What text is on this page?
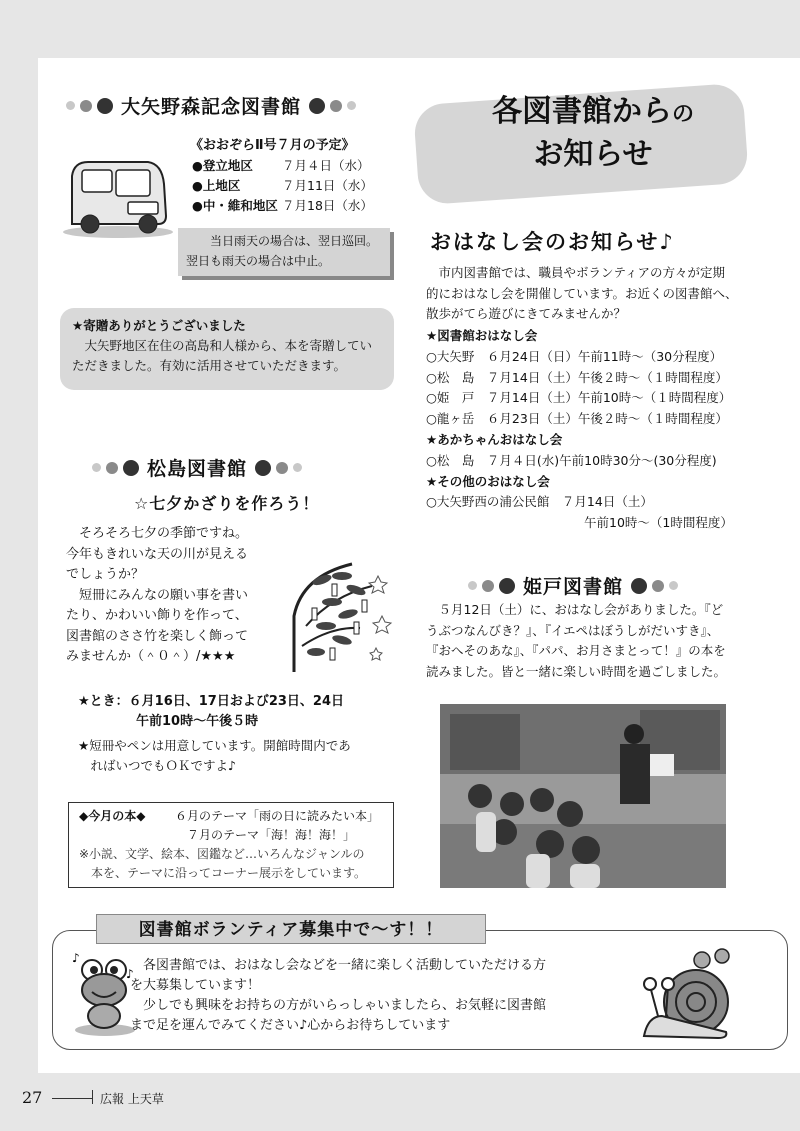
大矢野森記念図書館
《おおぞらⅡ号７月の予定》
●登立地区	７月４日（水）
●上地区	７月11日（水）
●中・維和地区 ７月18日（水）
当日雨天の場合は、翌日巡回。
翌日も雨天の場合は中止。
★寄贈ありがとうございました
大矢野地区在住の高島和人様から、本を寄贈していただきました。有効に活用させていただきます。
松島図書館
☆七夕かざりを作ろう！
そろそろ七夕の季節ですね。
今年もきれいな天の川が見える
でしょうか？
短冊にみんなの願い事を書い
たり、かわいい飾りを作って、
図書館のささ竹を楽しく飾って
みませんか（＾０＾）/★★★
★とき：６月16日、17日および23日、24日
午前10時～午後５時
★短冊やペンは用意しています。開館時間内であ
ればいつでもＯＫですよ♪
◆今月の本◆	６月のテーマ「雨の日に読みたい本」
７月のテーマ「海！海！海！」
※小説、文学、絵本、図鑑など…いろんなジャンルの
本を、テーマに沿ってコーナー展示をしています。
各図書館からの
お知らせ
おはなし会のお知らせ♪
市内図書館では、職員やボランティアの方々が定期
的におはなし会を開催しています。お近くの図書館へ、
散歩がてら遊びにきてみませんか？
★図書館おはなし会
○大矢野　６月24日（日）午前11時～（30分程度）
○松　島　７月14日（土）午後２時～（１時間程度）
○姫　戸　７月14日（土）午前10時～（１時間程度）
○龍ヶ岳　６月23日（土）午後２時～（１時間程度）
★あかちゃんおはなし会
○松　島　７月４日(水)午前10時30分～(30分程度)
★その他のおはなし会
○大矢野西の浦公民館　７月14日（土）
午前10時～（1時間程度）
姫戸図書館
５月12日（土）に、おはなし会がありました。『ど
うぶつなんびき？』、『イエペはぼうしがだいすき』、
『おへそのあな』、『パパ、お月さまとって！』の本を
読みました。皆と一緒に楽しい時間を過ごしました。
図書館ボランティア募集中で～す！！
♪
♪
各図書館では、おはなし会などを一緒に楽しく活動していただける方
を大募集しています！
少しでも興味をお持ちの方がいらっしゃいましたら、お気軽に図書館
まで足を運んでみてください♪心からお待ちしています
27	広報 上天草
